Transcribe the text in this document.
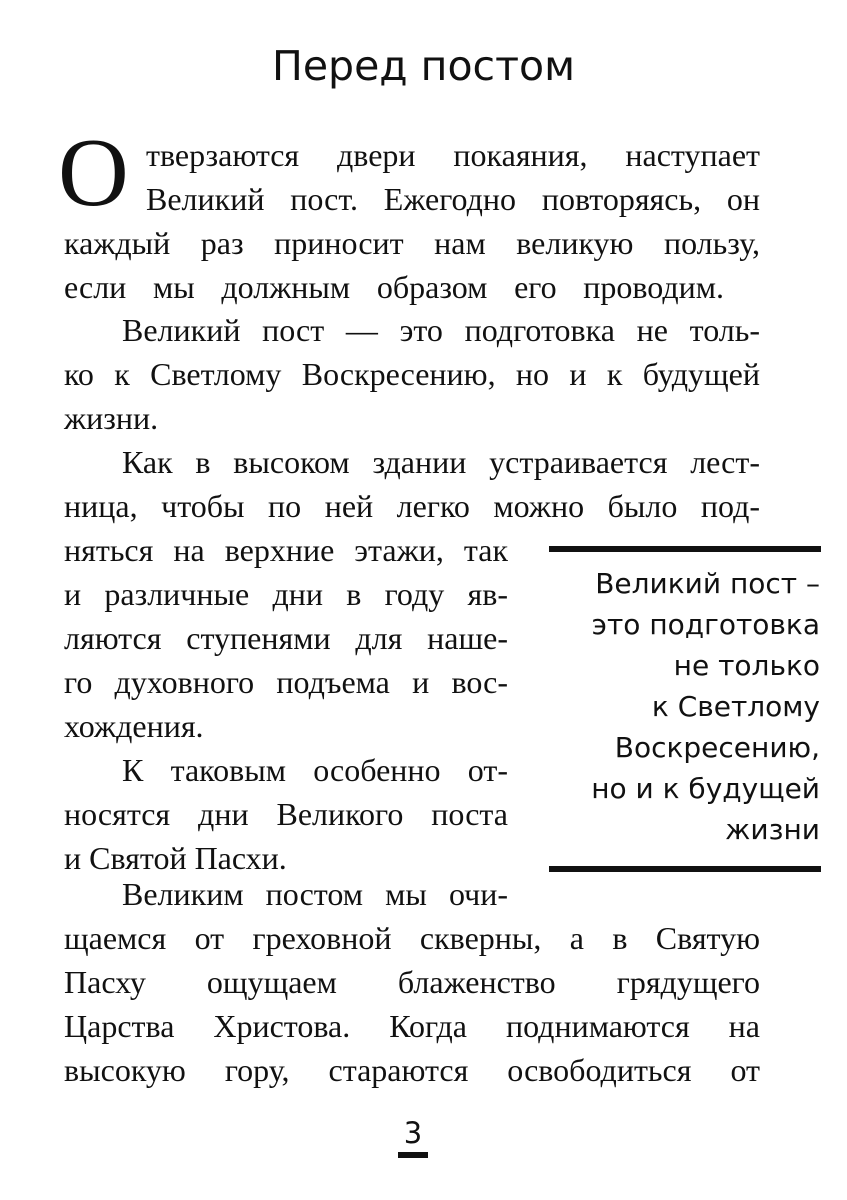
Перед постом
О тверзаются двери покаяния, наступает
Великий пост. Ежегодно повторяясь, он
каждый раз приносит нам великую пользу,
если мы должным образом его проводим.
Великий пост — это подготовка не толь-
ко к Светлому Воскресению, но и к будущей
жизни.
Как в высоком здании устраивается лест-
ница, чтобы по ней легко можно было под-
няться на верхние этажи, так
и различные дни в году яв-
ляются ступенями для наше-
го духовного подъема и вос-
хождения.
К таковым особенно от-
носятся дни Великого поста
и Святой Пасхи.
Великим постом мы очи-
щаемся от греховной скверны, а в Святую
Пасху ощущаем блаженство грядущего
Царства Христова. Когда поднимаются на
высокую гору, стараются освободиться от
Великий пост –
это подготовка
не только
к Светлому
Воскресению,
но и к будущей
жизни
3
